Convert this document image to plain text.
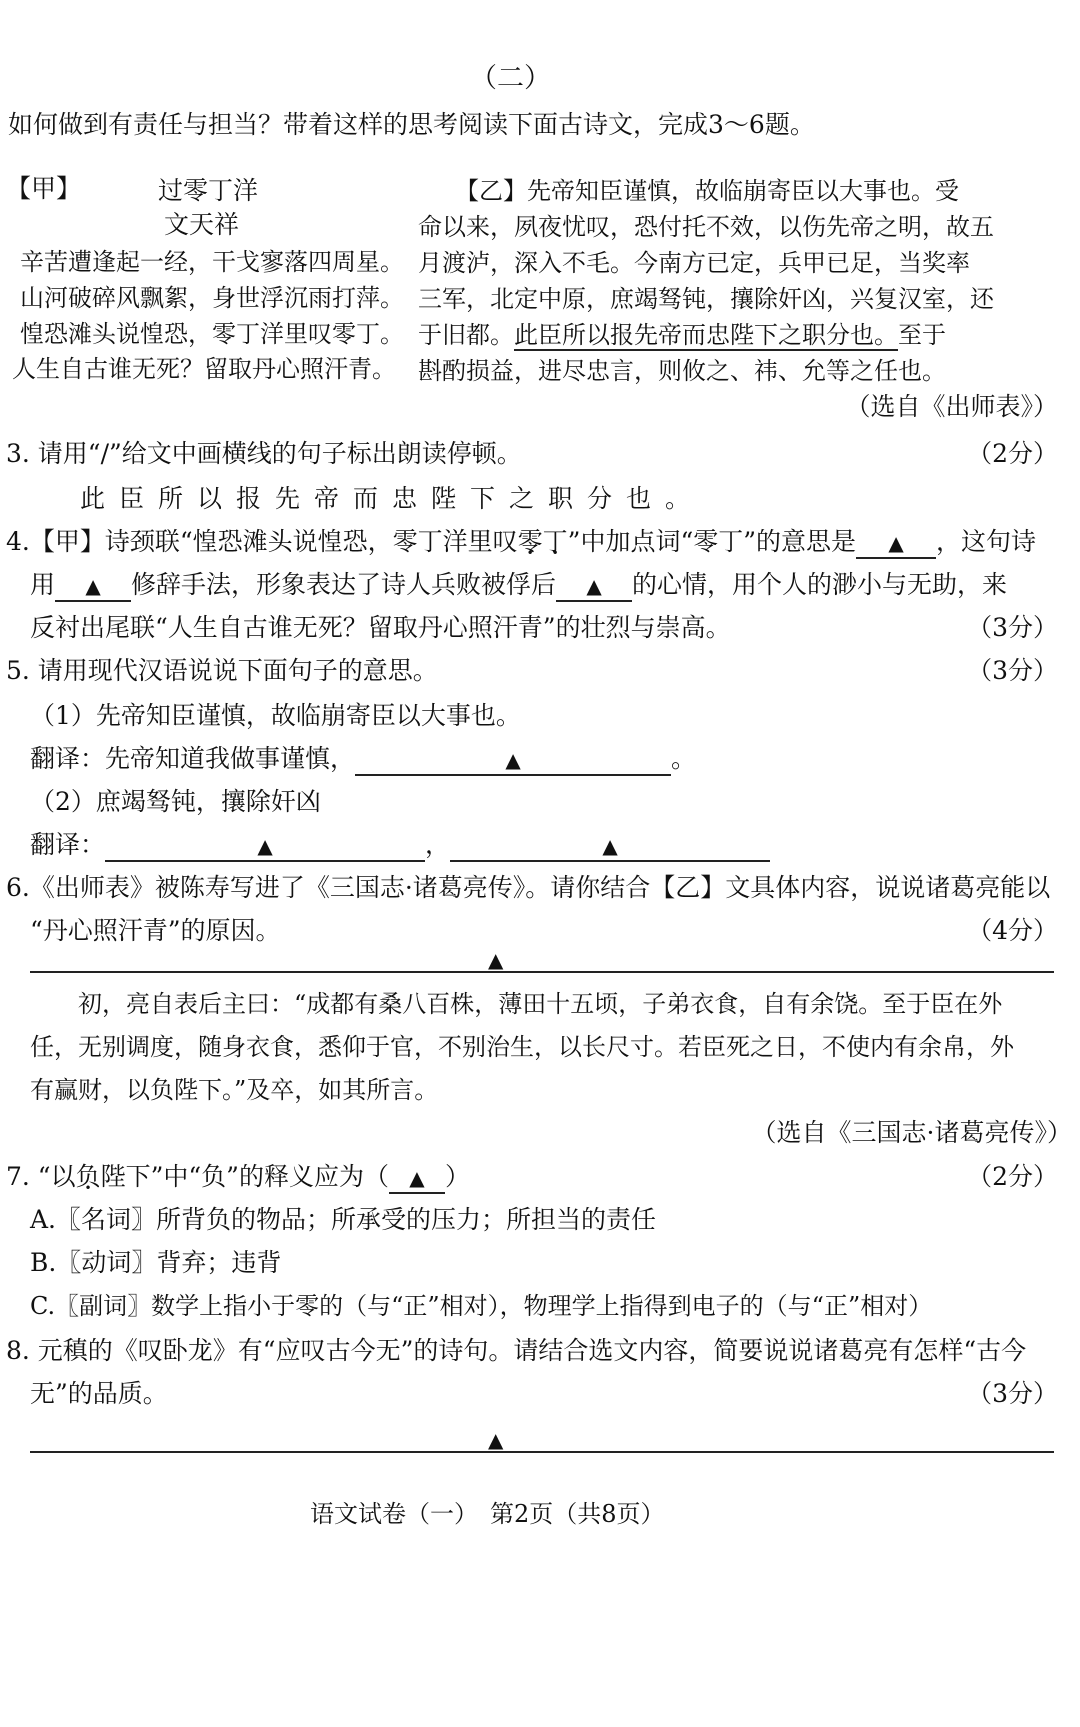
（二）
如何做到有责任与担当？带着这样的思考阅读下面古诗文，完成3～6题。
【甲】	过零丁洋
文天祥
辛苦遭逢起一经，干戈寥落四周星。
山河破碎风飘絮，身世浮沉雨打萍。
惶恐滩头说惶恐，零丁洋里叹零丁。
人生自古谁无死？留取丹心照汗青。
【乙】先帝知臣谨慎，故临崩寄臣以大事也。受
命以来，夙夜忧叹，恐付托不效，以伤先帝之明，故五
月渡泸，深入不毛。今南方已定，兵甲已足，当奖率
三军，北定中原，庶竭驽钝，攘除奸凶，兴复汉室，还
于旧都。此臣所以报先帝而忠陛下之职分也。至于
斟酌损益，进尽忠言，则攸之、祎、允等之任也。
（选自《出师表》）
3. 请用“/”给文中画横线的句子标出朗读停顿。	（2分）
此臣所以报先帝而忠陛下之职分也。
4.【甲】诗颈联“惶恐滩头说惶恐，零丁洋里叹零丁”中加点词“零丁”的意思是 ▲ ，这句诗
用 ▲ 修辞手法，形象表达了诗人兵败被俘后 ▲ 的心情，用个人的渺小与无助，来
反衬出尾联“人生自古谁无死？留取丹心照汗青”的壮烈与崇高。	（3分）
5. 请用现代汉语说说下面句子的意思。	（3分）
（1）先帝知臣谨慎，故临崩寄臣以大事也。
翻译：先帝知道我做事谨慎，	▲	。
（2）庶竭驽钝，攘除奸凶
翻译：	▲	，	▲
6.《出师表》被陈寿写进了《三国志·诸葛亮传》。请你结合【乙】文具体内容，说说诸葛亮能以
“丹心照汗青”的原因。	（4分）
▲
初，亮自表后主曰：“成都有桑八百株，薄田十五顷，子弟衣食，自有余饶。至于臣在外
任，无别调度，随身衣食，悉仰于官，不别治生，以长尺寸。若臣死之日，不使内有余帛，外
有赢财，以负陛下。”及卒，如其所言。
（选自《三国志·诸葛亮传》）
7. “以负陛下”中“负”的释义应为（ ▲ ）	（2分）
A.〖名词〗所背负的物品；所承受的压力；所担当的责任
B.〖动词〗背弃；违背
C.〖副词〗数学上指小于零的（与“正”相对），物理学上指得到电子的（与“正”相对）
8. 元稹的《叹卧龙》有“应叹古今无”的诗句。请结合选文内容，简要说说诸葛亮有怎样“古今
无”的品质。	（3分）
▲
语文试卷（一）　第2页（共8页）
